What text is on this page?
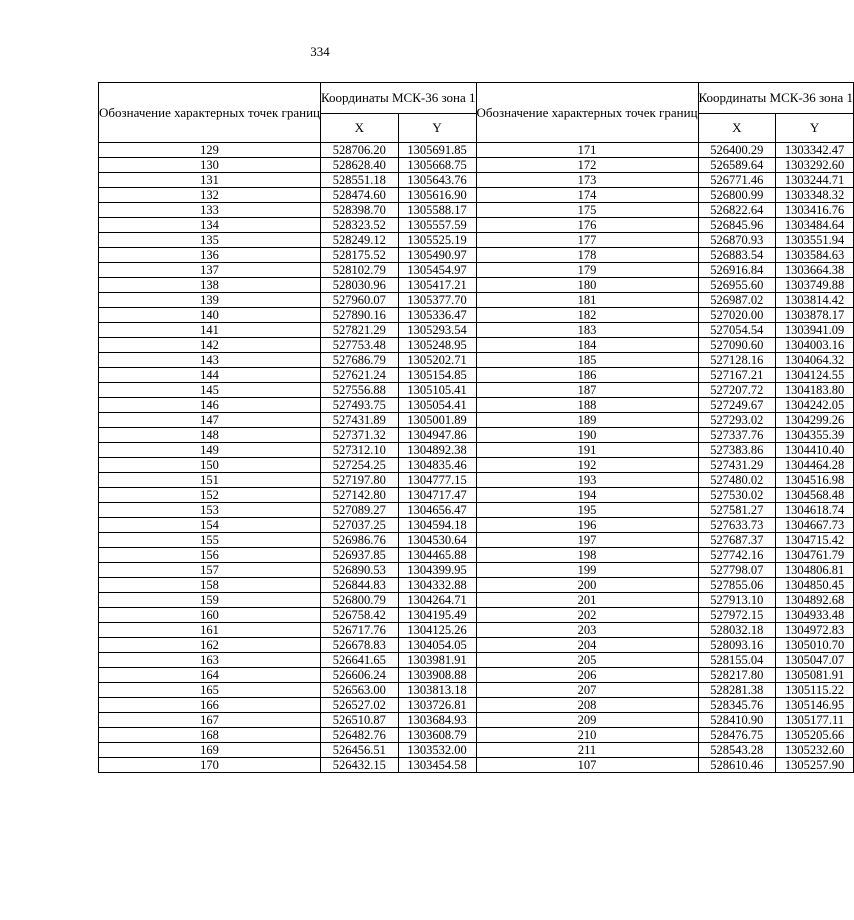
334
Обозначение характерных точек границ	Координаты МСК-36 зона 1		Обозначение характерных точек границ	Координаты МСК-36 зона 1	
	X	Y		X	Y
129	528706.20	1305691.85	171	526400.29	1303342.47
130	528628.40	1305668.75	172	526589.64	1303292.60
131	528551.18	1305643.76	173	526771.46	1303244.71
132	528474.60	1305616.90	174	526800.99	1303348.32
133	528398.70	1305588.17	175	526822.64	1303416.76
134	528323.52	1305557.59	176	526845.96	1303484.64
135	528249.12	1305525.19	177	526870.93	1303551.94
136	528175.52	1305490.97	178	526883.54	1303584.63
137	528102.79	1305454.97	179	526916.84	1303664.38
138	528030.96	1305417.21	180	526955.60	1303749.88
139	527960.07	1305377.70	181	526987.02	1303814.42
140	527890.16	1305336.47	182	527020.00	1303878.17
141	527821.29	1305293.54	183	527054.54	1303941.09
142	527753.48	1305248.95	184	527090.60	1304003.16
143	527686.79	1305202.71	185	527128.16	1304064.32
144	527621.24	1305154.85	186	527167.21	1304124.55
145	527556.88	1305105.41	187	527207.72	1304183.80
146	527493.75	1305054.41	188	527249.67	1304242.05
147	527431.89	1305001.89	189	527293.02	1304299.26
148	527371.32	1304947.86	190	527337.76	1304355.39
149	527312.10	1304892.38	191	527383.86	1304410.40
150	527254.25	1304835.46	192	527431.29	1304464.28
151	527197.80	1304777.15	193	527480.02	1304516.98
152	527142.80	1304717.47	194	527530.02	1304568.48
153	527089.27	1304656.47	195	527581.27	1304618.74
154	527037.25	1304594.18	196	527633.73	1304667.73
155	526986.76	1304530.64	197	527687.37	1304715.42
156	526937.85	1304465.88	198	527742.16	1304761.79
157	526890.53	1304399.95	199	527798.07	1304806.81
158	526844.83	1304332.88	200	527855.06	1304850.45
159	526800.79	1304264.71	201	527913.10	1304892.68
160	526758.42	1304195.49	202	527972.15	1304933.48
161	526717.76	1304125.26	203	528032.18	1304972.83
162	526678.83	1304054.05	204	528093.16	1305010.70
163	526641.65	1303981.91	205	528155.04	1305047.07
164	526606.24	1303908.88	206	528217.80	1305081.91
165	526563.00	1303813.18	207	528281.38	1305115.22
166	526527.02	1303726.81	208	528345.76	1305146.95
167	526510.87	1303684.93	209	528410.90	1305177.11
168	526482.76	1303608.79	210	528476.75	1305205.66
169	526456.51	1303532.00	211	528543.28	1305232.60
170	526432.15	1303454.58	107	528610.46	1305257.90
